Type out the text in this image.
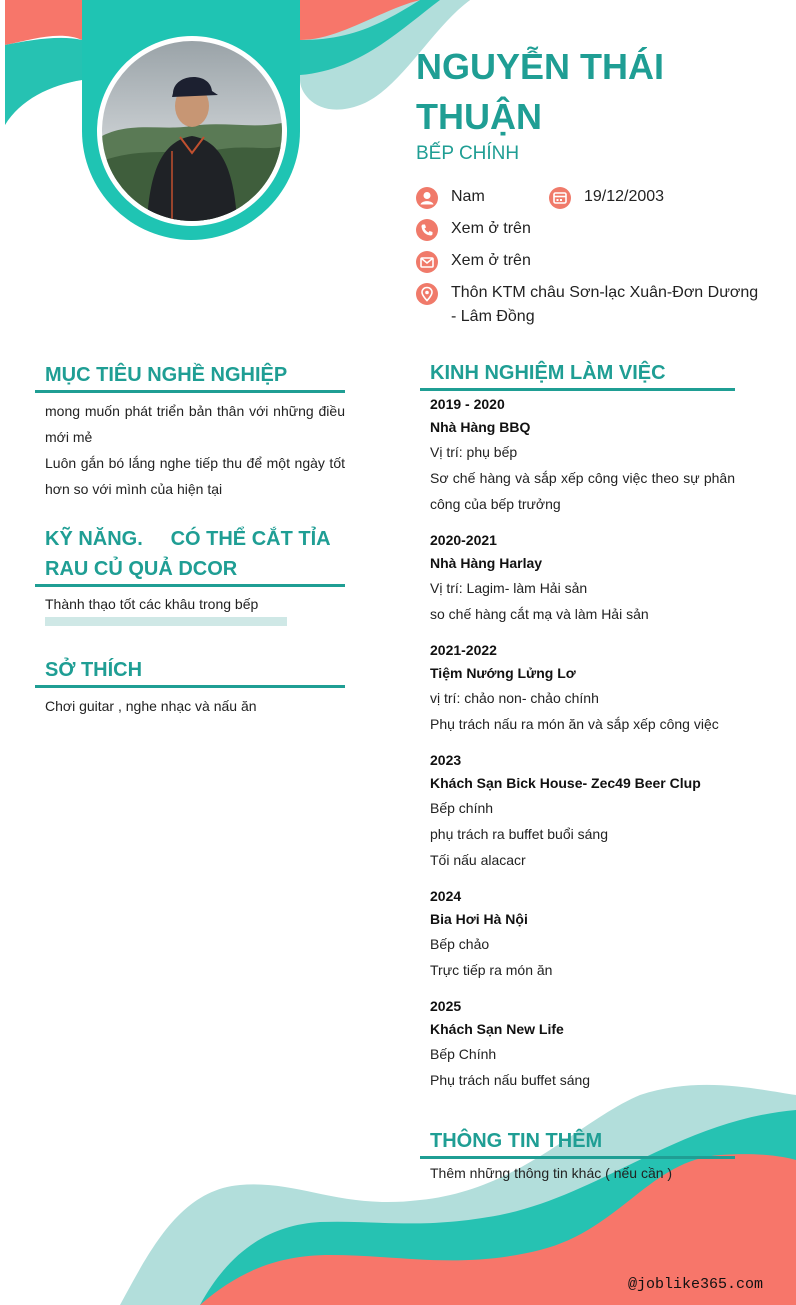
NGUYỄN THÁI THUẬN
BẾP CHÍNH
Nam	19/12/2003
Xem ở trên
Xem ở trên
Thôn KTM châu Sơn-lạc Xuân-Đơn Dương - Lâm Đồng
MỤC TIÊU NGHỀ NGHIỆP
mong muốn phát triển bản thân với những điều mới mẻ
Luôn gắn bó lắng nghe tiếp thu để một ngày tốt hơn so với mình của hiện tại
KỸ NĂNG. CÓ THỂ CẮT TỈA
RAU CỦ QUẢ DCOR
Thành thạo tốt các khâu trong bếp
SỞ THÍCH
Chơi guitar , nghe nhạc và nấu ăn
KINH NGHIỆM LÀM VIỆC
2019 - 2020
Nhà Hàng BBQ
Vị trí: phụ bếp
Sơ chế hàng và sắp xếp công việc theo sự phân công của bếp trưởng
2020-2021
Nhà Hàng Harlay
Vị trí: Lagim- làm Hải sản
so chế hàng cắt mạ và làm Hải sản
2021-2022
Tiệm Nướng Lửng Lơ
vị trí: chảo non- chảo chính
Phụ trách nấu ra món ăn và sắp xếp công việc
2023
Khách Sạn Bick House- Zec49 Beer Clup
Bếp chính
phụ trách ra buffet buổi sáng
Tối nấu alacacr
2024
Bia Hơi Hà Nội
Bếp chảo
Trực tiếp ra món ăn
2025
Khách Sạn New Life
Bếp Chính
Phụ trách nấu buffet sáng
THÔNG TIN THÊM
Thêm những thông tin khác ( nếu cần )
@joblike365.com
